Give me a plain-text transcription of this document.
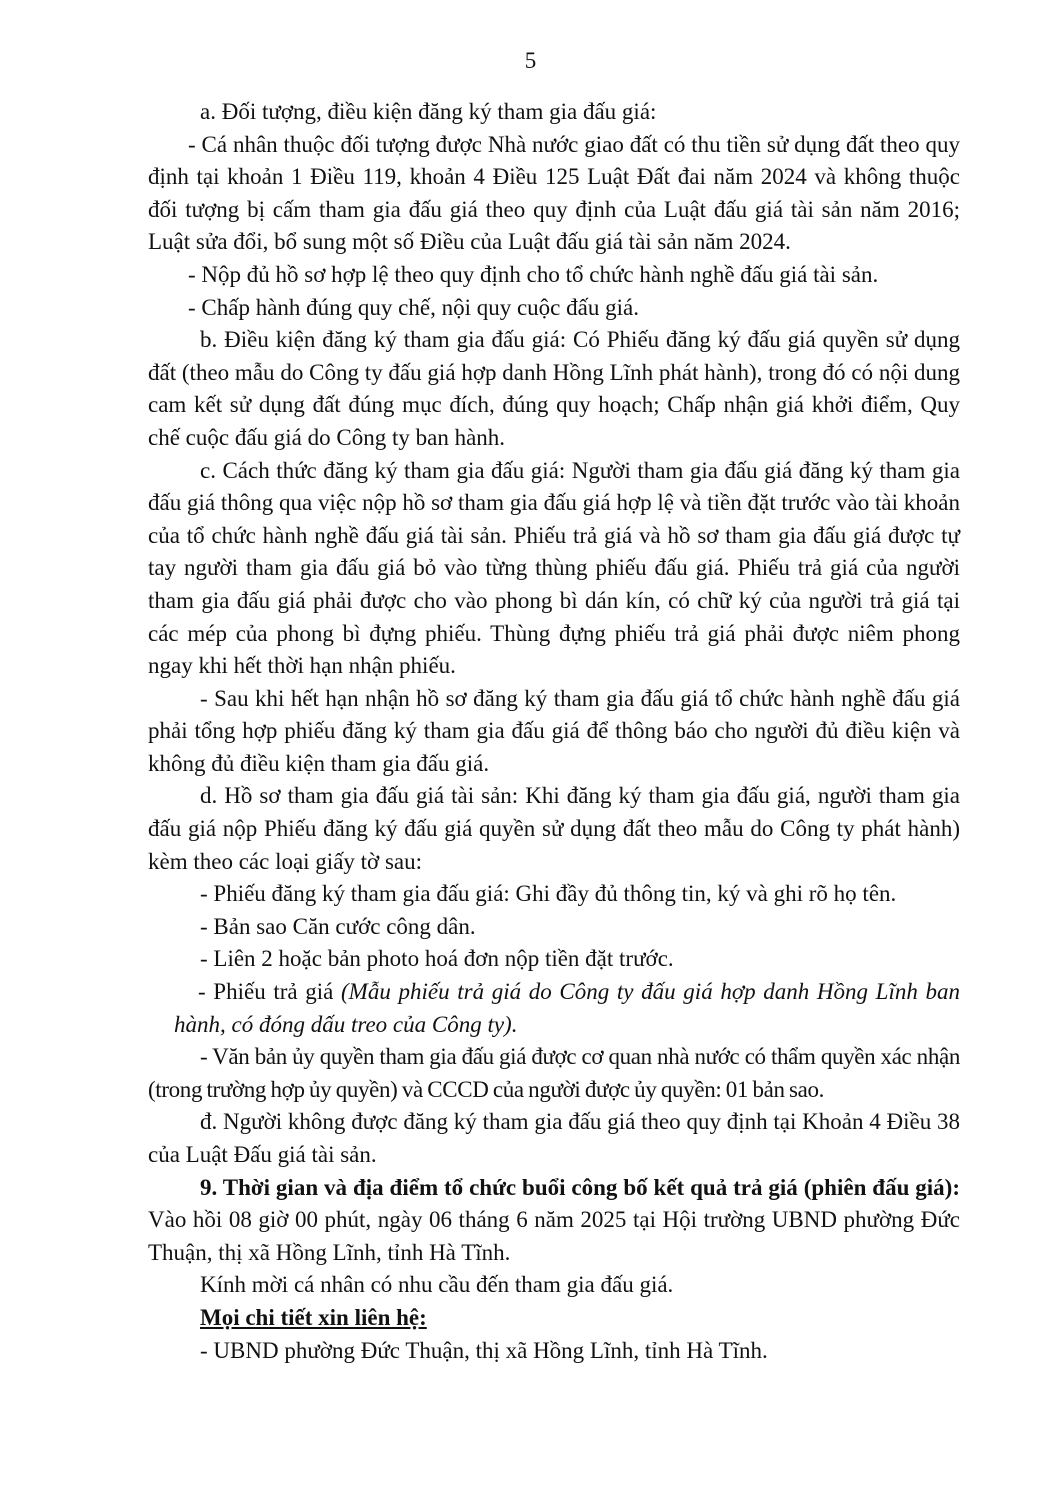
5

a. Đối tượng, điều kiện đăng ký tham gia đấu giá:

- Cá nhân thuộc đối tượng được Nhà nước giao đất có thu tiền sử dụng đất theo quy định tại khoản 1 Điều 119, khoản 4 Điều 125 Luật Đất đai năm 2024 và không thuộc đối tượng bị cấm tham gia đấu giá theo quy định của Luật đấu giá tài sản năm 2016; Luật sửa đổi, bổ sung một số Điều của Luật đấu giá tài sản năm 2024.

- Nộp đủ hồ sơ hợp lệ theo quy định cho tổ chức hành nghề đấu giá tài sản.

- Chấp hành đúng quy chế, nội quy cuộc đấu giá.

b. Điều kiện đăng ký tham gia đấu giá: Có Phiếu đăng ký đấu giá quyền sử dụng đất (theo mẫu do Công ty đấu giá hợp danh Hồng Lĩnh phát hành), trong đó có nội dung cam kết sử dụng đất đúng mục đích, đúng quy hoạch; Chấp nhận giá khởi điểm, Quy chế cuộc đấu giá do Công ty ban hành.

c. Cách thức đăng ký tham gia đấu giá: Người tham gia đấu giá đăng ký tham gia đấu giá thông qua việc nộp hồ sơ tham gia đấu giá hợp lệ và tiền đặt trước vào tài khoản của tổ chức hành nghề đấu giá tài sản. Phiếu trả giá và hồ sơ tham gia đấu giá được tự tay người tham gia đấu giá bỏ vào từng thùng phiếu đấu giá. Phiếu trả giá của người tham gia đấu giá phải được cho vào phong bì dán kín, có chữ ký của người trả giá tại các mép của phong bì đựng phiếu. Thùng đựng phiếu trả giá phải được niêm phong ngay khi hết thời hạn nhận phiếu.

- Sau khi hết hạn nhận hồ sơ đăng ký tham gia đấu giá tổ chức hành nghề đấu giá phải tổng hợp phiếu đăng ký tham gia đấu giá để thông báo cho người đủ điều kiện và không đủ điều kiện tham gia đấu giá.

d. Hồ sơ tham gia đấu giá tài sản: Khi đăng ký tham gia đấu giá, người tham gia đấu giá nộp Phiếu đăng ký đấu giá quyền sử dụng đất theo mẫu do Công ty phát hành) kèm theo các loại giấy tờ sau:

- Phiếu đăng ký tham gia đấu giá: Ghi đầy đủ thông tin, ký và ghi rõ họ tên.

- Bản sao Căn cước công dân.

- Liên 2 hoặc bản photo hoá đơn nộp tiền đặt trước.

- Phiếu trả giá (Mẫu phiếu trả giá do Công ty đấu giá hợp danh Hồng Lĩnh ban hành, có đóng dấu treo của Công ty).

- Văn bản ủy quyền tham gia đấu giá được cơ quan nhà nước có thẩm quyền xác nhận (trong trường hợp ủy quyền) và CCCD của người được ủy quyền: 01 bản sao.

đ. Người không được đăng ký tham gia đấu giá theo quy định tại Khoản 4 Điều 38 của Luật Đấu giá tài sản.

9. Thời gian và địa điểm tổ chức buổi công bố kết quả trả giá (phiên đấu giá): Vào hồi 08 giờ 00 phút, ngày 06 tháng 6 năm 2025 tại Hội trường UBND phường Đức Thuận, thị xã Hồng Lĩnh, tỉnh Hà Tĩnh.

Kính mời cá nhân có nhu cầu đến tham gia đấu giá.

Mọi chi tiết xin liên hệ:

- UBND phường Đức Thuận, thị xã Hồng Lĩnh, tỉnh Hà Tĩnh.
